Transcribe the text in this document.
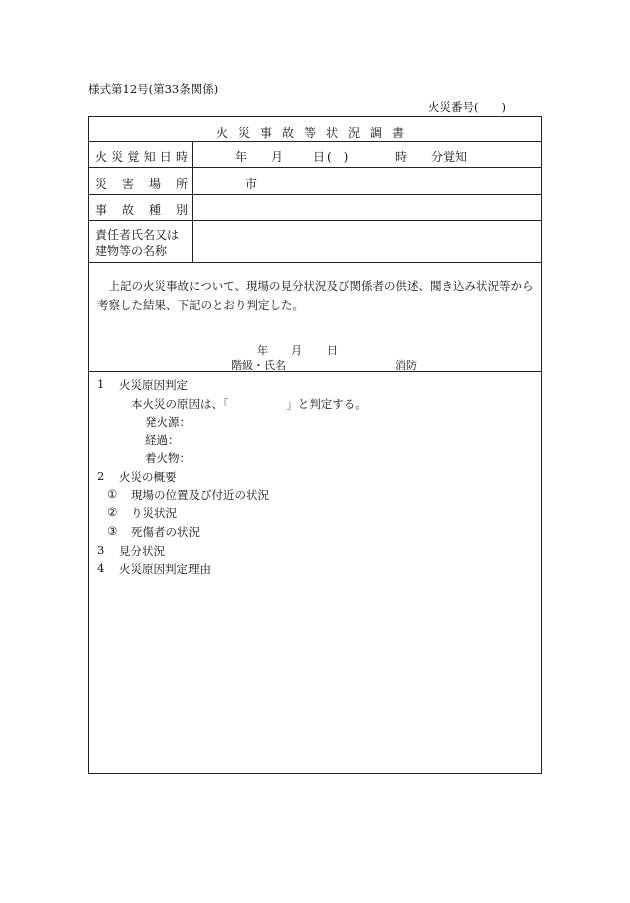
様式第12号(第33条関係)
火災番号(　　)
火災事故等状況調書
火 災 覚 知 日 時	年 月 日 (　)	時 分覚知
災 害 場 所	市
事 故 種 別
責任者氏名又は
建物等の名称
上記の火災事故について、現場の見分状況及び関係者の供述、聞き込み状況等から
考察した結果、下記のとおり判定した。
年 月 日
階級・氏名	消防
1 火災原因判定
本火災の原因は、「　　　　　」と判定する。
発火源：
経過：
着火物：
2 火災の概要
① 現場の位置及び付近の状況
② り災状況
③ 死傷者の状況
3 見分状況
4 火災原因判定理由
